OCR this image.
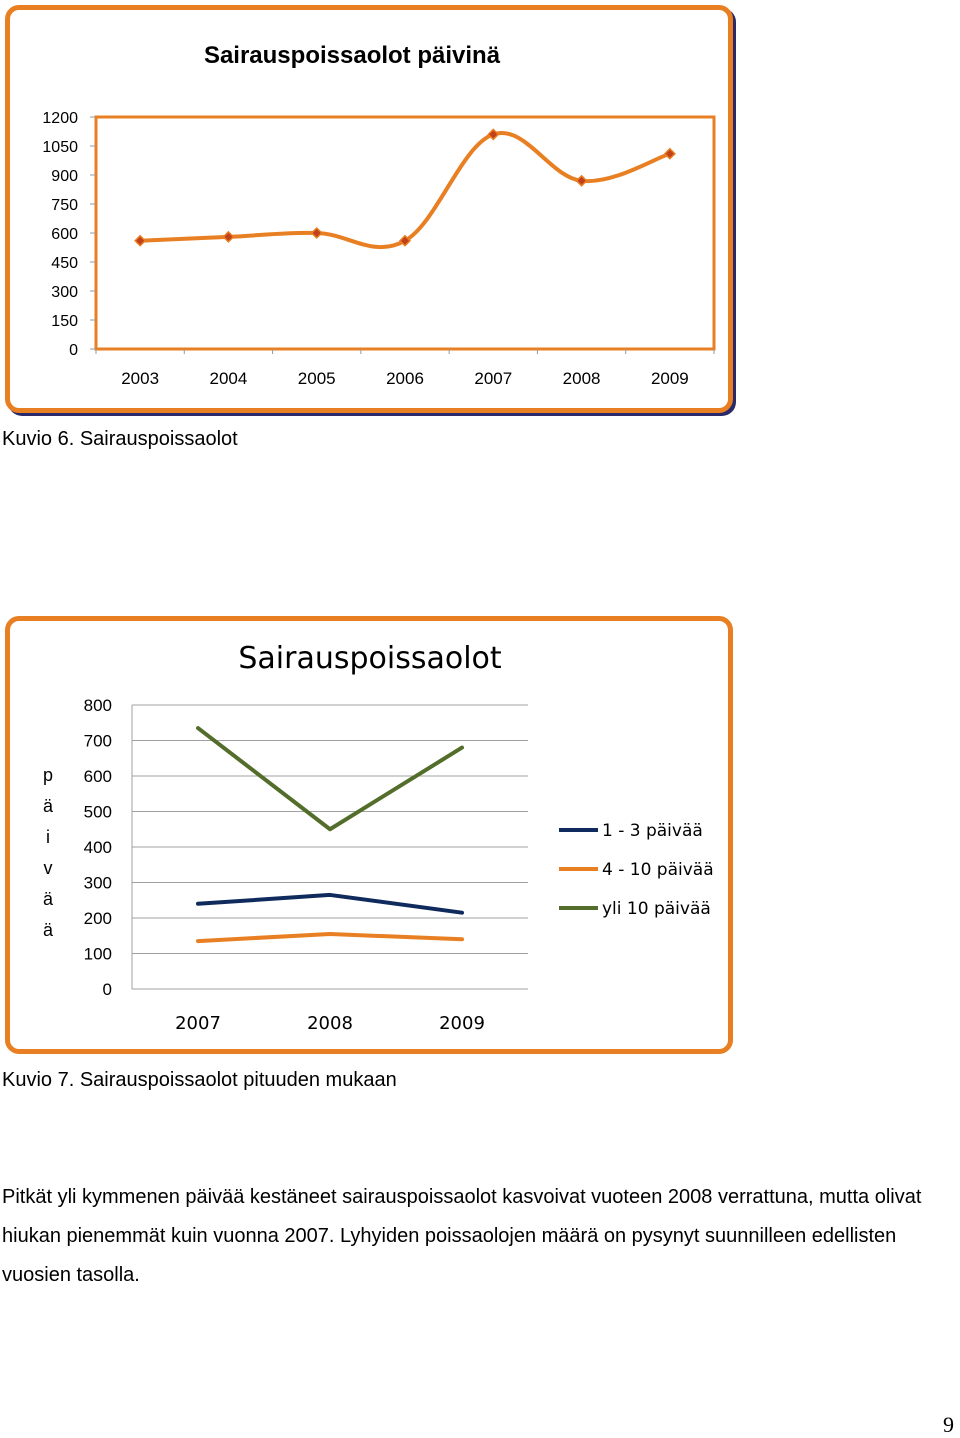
Sairauspoissaolot päivinä
0
150
300
450
600
750
900
1050
1200
2003	2004	2005	2006	2007	2008	2009
Sairauspoissaolot
0
100
200
300
400
500
600
700
800
p
ä
i
v
ä
ä
2007	2008	2009
1 - 3 päivää
4 - 10 päivää
yli 10 päivää
Kuvio 6. Sairauspoissaolot
Kuvio 7. Sairauspoissaolot pituuden mukaan

Pitkät yli kymmenen päivää kestäneet sairauspoissaolot kasvoivat vuoteen 2008 verrattuna, mutta olivat hiukan pienemmät kuin vuonna 2007. Lyhyiden poissaolojen määrä on pysynyt suunnilleen edellisten vuosien tasolla.

9
